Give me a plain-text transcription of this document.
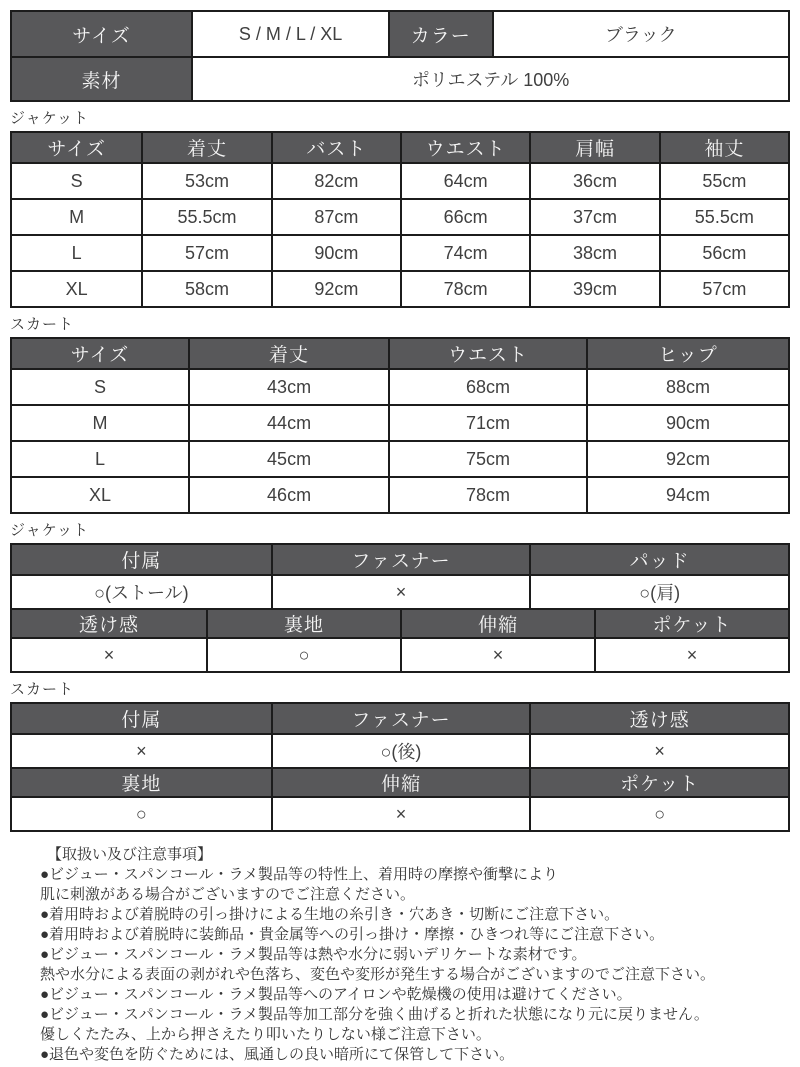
サイズ	S / M / L / XL	カラー	ブラック
素材	ポリエステル 100%
ジャケット
サイズ	着丈	バスト	ウエスト	肩幅	袖丈
S	53cm	82cm	64cm	36cm	55cm
M	55.5cm	87cm	66cm	37cm	55.5cm
L	57cm	90cm	74cm	38cm	56cm
XL	58cm	92cm	78cm	39cm	57cm
スカート
サイズ	着丈	ウエスト	ヒップ
S	43cm	68cm	88cm
M	44cm	71cm	90cm
L	45cm	75cm	92cm
XL	46cm	78cm	94cm
ジャケット
付属	ファスナー	パッド
○(ストール)	×	○(肩)
透け感	裏地	伸縮	ポケット
×	○	×	×
スカート
付属	ファスナー	透け感
×	○(後)	×
裏地	伸縮	ポケット
○	×	○
【取扱い及び注意事項】
●ビジュー・スパンコール・ラメ製品等の特性上、着用時の摩擦や衝撃により
肌に刺激がある場合がございますのでご注意ください。
●着用時および着脱時の引っ掛けによる生地の糸引き・穴あき・切断にご注意下さい。
●着用時および着脱時に装飾品・貴金属等への引っ掛け・摩擦・ひきつれ等にご注意下さい。
●ビジュー・スパンコール・ラメ製品等は熱や水分に弱いデリケートな素材です。
熱や水分による表面の剥がれや色落ち、変色や変形が発生する場合がございますのでご注意下さい。
●ビジュー・スパンコール・ラメ製品等へのアイロンや乾燥機の使用は避けてください。
●ビジュー・スパンコール・ラメ製品等加工部分を強く曲げると折れた状態になり元に戻りません。
優しくたたみ、上から押さえたり叩いたりしない様ご注意下さい。
●退色や変色を防ぐためには、風通しの良い暗所にて保管して下さい。
